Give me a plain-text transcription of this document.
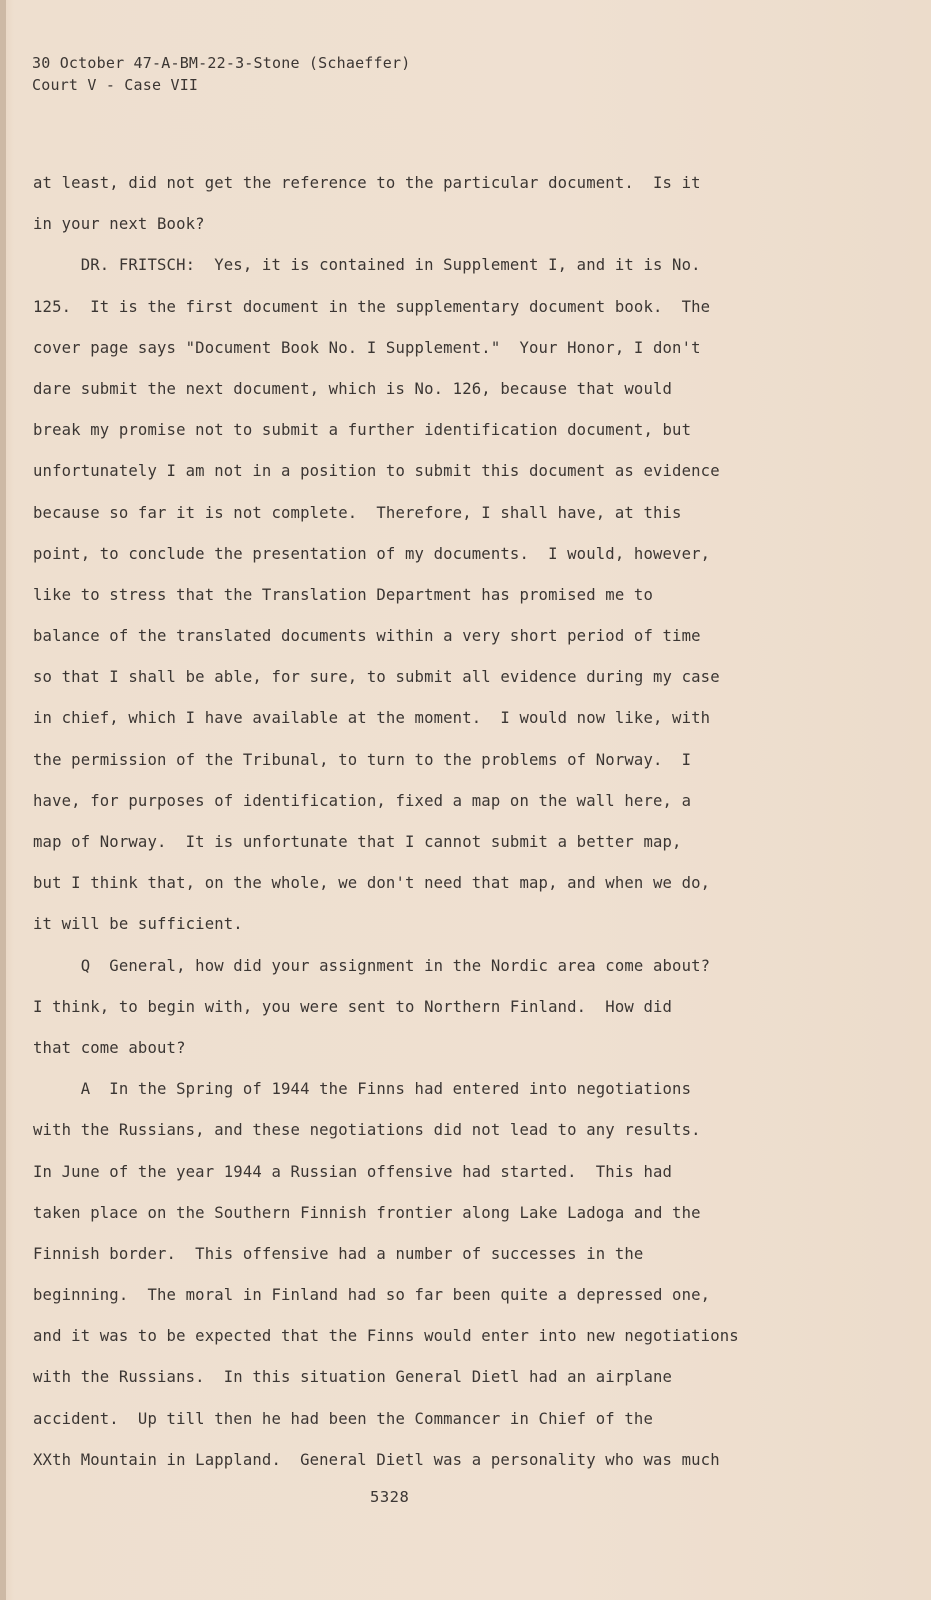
30 October 47-A-BM-22-3-Stone (Schaeffer)
Court V - Case VII
at least, did not get the reference to the particular document.  Is it
in your next Book?
DR. FRITSCH:  Yes, it is contained in Supplement I, and it is No.
125.  It is the first document in the supplementary document book.  The
cover page says "Document Book No. I Supplement."  Your Honor, I don't
dare submit the next document, which is No. 126, because that would
break my promise not to submit a further identification document, but
unfortunately I am not in a position to submit this document as evidence
because so far it is not complete.  Therefore, I shall have, at this
point, to conclude the presentation of my documents.  I would, however,
like to stress that the Translation Department has promised me to
balance of the translated documents within a very short period of time
so that I shall be able, for sure, to submit all evidence during my case
in chief, which I have available at the moment.  I would now like, with
the permission of the Tribunal, to turn to the problems of Norway.  I
have, for purposes of identification, fixed a map on the wall here, a
map of Norway.  It is unfortunate that I cannot submit a better map,
but I think that, on the whole, we don't need that map, and when we do,
it will be sufficient.
Q  General, how did your assignment in the Nordic area come about?
I think, to begin with, you were sent to Northern Finland.  How did
that come about?
A  In the Spring of 1944 the Finns had entered into negotiations
with the Russians, and these negotiations did not lead to any results.
In June of the year 1944 a Russian offensive had started.  This had
taken place on the Southern Finnish frontier along Lake Ladoga and the
Finnish border.  This offensive had a number of successes in the
beginning.  The moral in Finland had so far been quite a depressed one,
and it was to be expected that the Finns would enter into new negotiations
with the Russians.  In this situation General Dietl had an airplane
accident.  Up till then he had been the Commancer in Chief of the
XXth Mountain in Lappland.  General Dietl was a personality who was much
5328
